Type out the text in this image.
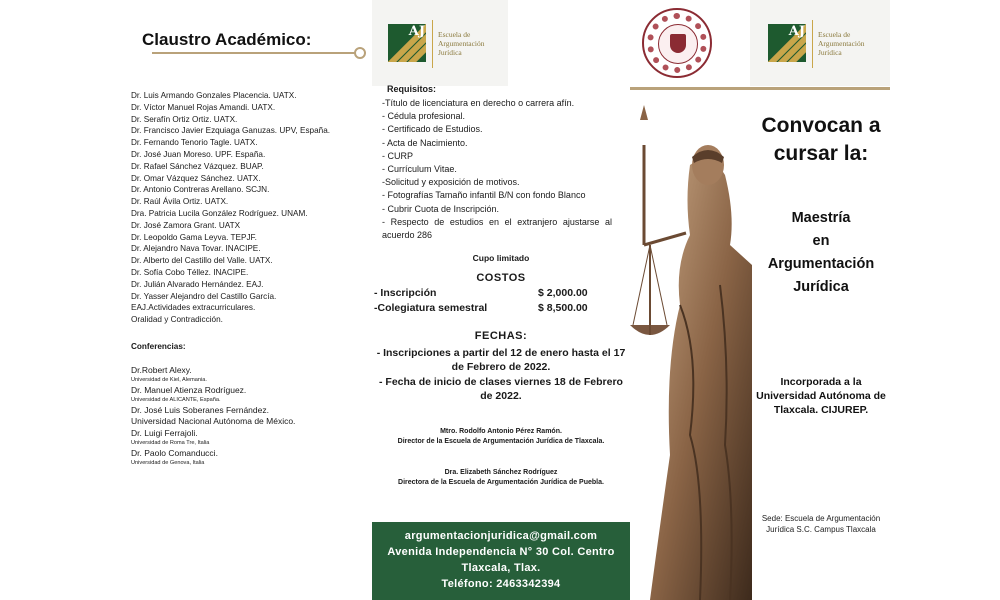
Claustro Académico:
Dr. Luis Armando Gonzales Placencia. UATX.
Dr. Víctor Manuel Rojas Amandi. UATX.
Dr. Serafín Ortiz Ortiz. UATX.
Dr. Francisco Javier Ezquiaga Ganuzas. UPV, España.
Dr. Fernando Tenorio Tagle. UATX.
Dr. José Juan Moreso. UPF. España.
Dr. Rafael Sánchez Vázquez. BUAP.
Dr. Omar Vázquez Sánchez. UATX.
Dr. Antonio Contreras Arellano. SCJN.
Dr. Raúl Ávila Ortiz. UATX.
Dra. Patricia Lucila González Rodríguez. UNAM.
Dr. José Zamora Grant. UATX
Dr. Leopoldo Gama Leyva. TEPJF.
Dr. Alejandro Nava Tovar. INACIPE.
Dr. Alberto del Castillo del Valle. UATX.
Dr. Sofía Cobo Téllez. INACIPE.
Dr. Julián Alvarado Hernández. EAJ.
Dr. Yasser Alejandro del Castillo García.
EAJ.Actividades extracurriculares.
Oralidad y Contradicción.
Conferencias:
Dr.Robert Alexy.
Universidad de Kiel, Alemania.
Dr. Manuel Atienza Rodríguez.
Universidad de ALICANTE, España.
Dr. José Luis Soberanes Fernández.
Universidad Nacional Autónoma de México.
Dr. Luigi Ferrajoli.
Universidad de Roma Tre, Italia
Dr. Paolo Comanducci.
Universidad de Genova, Italia
AJ Escuela de
Argumentación
Jurídica
Requisitos:
-Título de licenciatura en derecho o carrera afín.
- Cédula profesional.
- Certificado de Estudios.
- Acta de Nacimiento.
- CURP
- Currículum Vitae.
-Solicitud y exposición de motivos.
- Fotografías Tamaño infantil B/N con fondo Blanco
- Cubrir Cuota de Inscripción.
- Respecto de estudios en el extranjero ajustarse al acuerdo 286
Cupo limitado
COSTOS
- Inscripción	$ 2,000.00
-Colegiatura semestral	$ 8,500.00
FECHAS:
- Inscripciones a partir del 12 de enero hasta el 17 de Febrero de 2022.
- Fecha de inicio de clases viernes 18 de Febrero de 2022.
Mtro. Rodolfo Antonio Pérez Ramón.
Director de la Escuela de Argumentación Jurídica de Tlaxcala.
Dra. Elizabeth Sánchez Rodríguez
Directora de la Escuela de Argumentación Jurídica de Puebla.
argumentacionjuridica@gmail.com
Avenida Independencia N° 30 Col. Centro Tlaxcala, Tlax.
Teléfono: 2463342394
AJ Escuela de
Argumentación
Jurídica
Convocan a cursar la:
Maestría
en
Argumentación
Jurídica
Incorporada a la Universidad Autónoma de Tlaxcala. CIJUREP.
Sede: Escuela de Argumentación Jurídica S.C. Campus Tlaxcala
